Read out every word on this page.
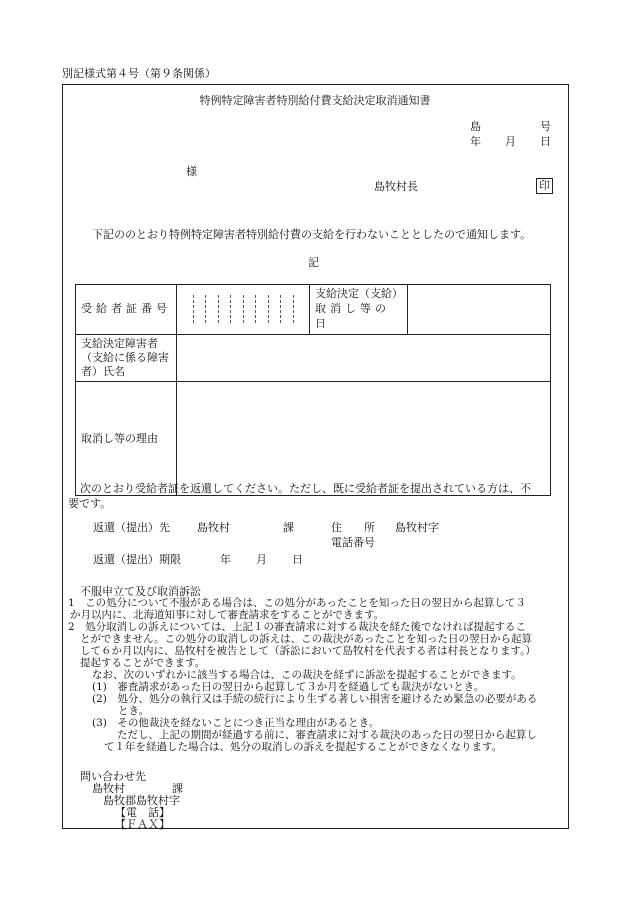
別記様式第４号（第９条関係）
特例特定障害者特別給付費支給決定取消通知書
島	号
年 月 日
様
島牧村長	印
下記ののとおり特例特定障害者特別給付費の支給を行わないこととしたので通知します。
記
受給者証番号		支給決定（支給）
取消し等の日	

支給決定障害者
（支給に係る障害
者）氏名			

取消し等の理由			
次のとおり受給者証を返還してください。ただし、既に受給者証を提出されている方は、不
要です。
返還（提出）先 島牧村	課	住　　所 島牧村字
電話番号
返還（提出）期限	年 月 日
不服申立て及び取消訴訟
1　この処分について不服がある場合は、この処分があったことを知った日の翌日から起算して３
か月以内に、北海道知事に対して審査請求をすることができます。
2　処分取消しの訴えについては、上記１の審査請求に対する裁決を経た後でなければ提起するこ
とができません。この処分の取消しの訴えは、この裁決があったことを知った日の翌日から起算
して６か月以内に、島牧村を被告として（訴訟において島牧村を代表する者は村長となります。）
提起することができます。
なお、次のいずれかに該当する場合は、この裁決を経ずに訴訟を提起することができます。
(1)　審査請求があった日の翌日から起算して３か月を経過しても裁決がないとき。
(2)　処分、処分の執行又は手続の続行により生ずる著しい損害を避けるため緊急の必要がある
とき。
(3)　その他裁決を経ないことにつき正当な理由があるとき。
ただし、上記の期間が経過する前に、審査請求に対する裁決のあった日の翌日から起算し
て１年を経過した場合は、処分の取消しの訴えを提起することができなくなります。
問い合わせ先
島牧村	課
島牧郡島牧村字
【電　話】
【ＦＡＸ】
